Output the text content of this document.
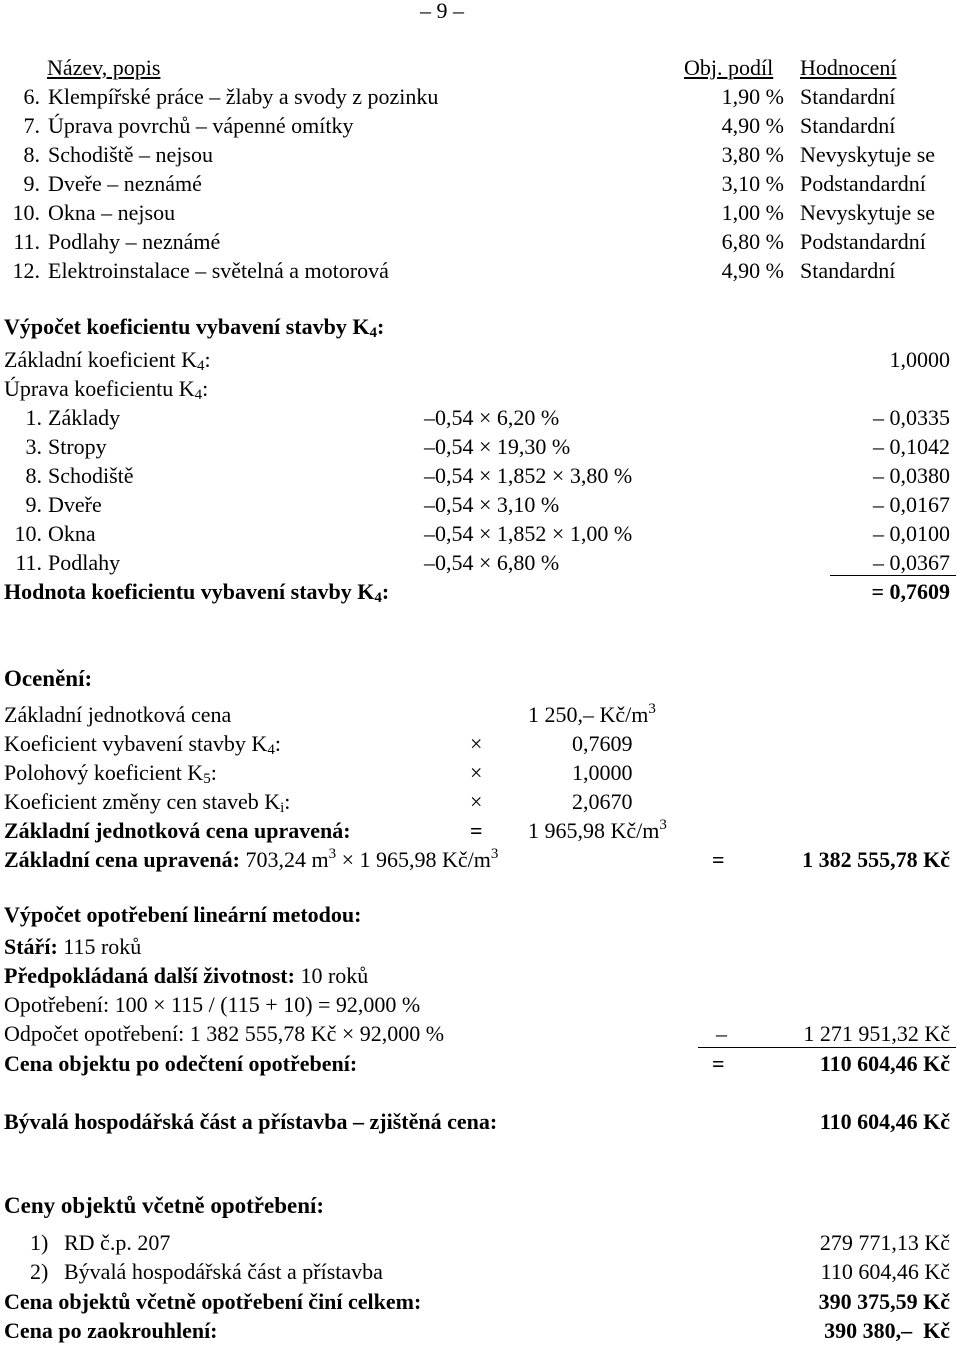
– 9 –
Název, popis	Obj. podíl Hodnocení
6. Klempířské práce – žlaby a svody z pozinku	1,90 % Standardní
7. Úprava povrchů – vápenné omítky	4,90 % Standardní
8. Schodiště – nejsou	3,80 % Nevyskytuje se
9. Dveře – neznámé	3,10 % Podstandardní
10. Okna – nejsou	1,00 % Nevyskytuje se
11. Podlahy – neznámé	6,80 % Podstandardní
12. Elektroinstalace – světelná a motorová	4,90 % Standardní
Výpočet koeficientu vybavení stavby $K_4$:
Základní koeficient $K_4$:	1,0000
Úprava koeficientu $K_4$:
1. Základy	–0,54 × 6,20 %	– 0,0335
3. Stropy	–0,54 × 19,30 %	– 0,1042
8. Schodiště	–0,54 × 1,852 × 3,80 %	– 0,0380
9. Dveře	–0,54 × 3,10 %	– 0,0167
10. Okna	–0,54 × 1,852 × 1,00 %	– 0,0100
11. Podlahy	–0,54 × 6,80 %	– 0,0367
Hodnota koeficientu vybavení stavby $K_4$:	= 0,7609
Ocenění:
Základní jednotková cena	1 250,– $Kč/m^3$
Koeficient vybavení stavby $K_4$:	×	0,7609
Polohový koeficient $K_5$:	×	1,0000
Koeficient změny cen staveb $K_i$:	×	2,0670
Základní jednotková cena upravená:	= 1 965,98 $Kč/m^3$
Základní cena upravená: 703,24 $m^3 \times 1$ 965,98 $Kč/m^3$	=	1 382 555,78 Kč
Výpočet opotřebení lineární metodou:
Stáří: 115 roků
Předpokládaná další životnost: 10 roků
Opotřebení: 100 × 115 / (115 + 10) = 92,000 %
Odpočet opotřebení: 1 382 555,78 Kč × 92,000 %	–	1 271 951,32 Kč
Cena objektu po odečtení opotřebení:	=	110 604,46 Kč
Bývalá hospodářská část a přístavba – zjištěná cena:	110 604,46 Kč
Ceny objektů včetně opotřebení:
1) RD č.p. 207	279 771,13 Kč
2) Bývalá hospodářská část a přístavba	110 604,46 Kč
Cena objektů včetně opotřebení činí celkem:	390 375,59 Kč
Cena po zaokrouhlení:	390 380,–  Kč
